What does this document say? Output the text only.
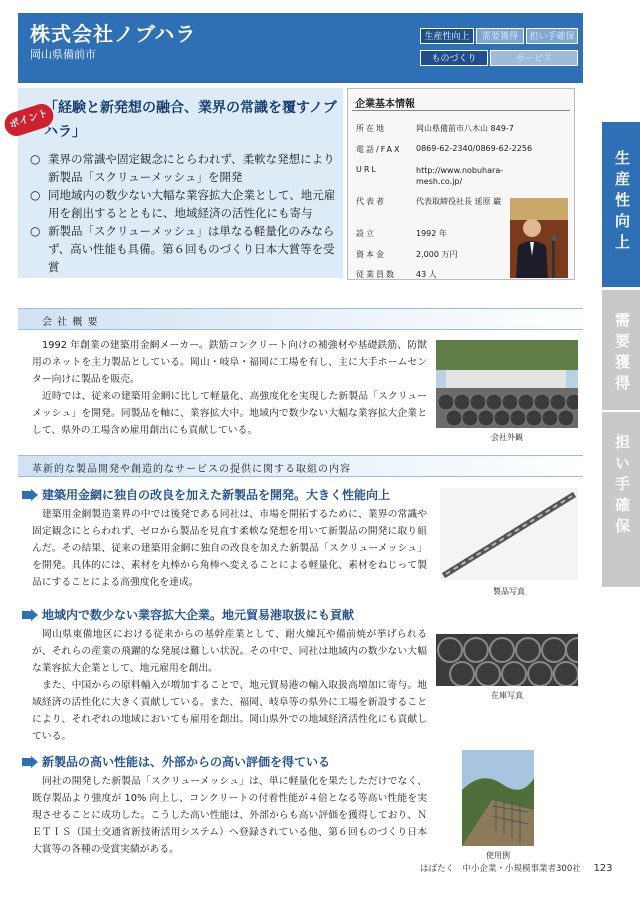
株式会社ノブハラ
岡山県備前市
生産性向上	需要獲得	担い手確保
ものづくり	サービス
ポイント
「経験と新発想の融合、業界の常識を覆すノブハラ」
○ 業界の常識や固定観念にとらわれず、柔軟な発想により新製品「スクリューメッシュ」を開発
○ 同地域内の数少ない大幅な業容拡大企業として、地元雇用を創出するとともに、地域経済の活性化にも寄与
○ 新製品「スクリューメッシュ」は単なる軽量化のみならず、高い性能も具備。第６回ものづくり日本大賞等を受賞
企業基本情報
所在地	岡山県備前市八木山 849-7
電話/FAX 0869-62-2340/0869-62-2256
URL	http://www.nobuhara-mesh.co.jp/
代表者	代表取締役社長 延原 巌
設立	1992 年
資本金	2,000 万円
従業員数	43 人
生産性向上
需要獲得
担い手確保
会 社 概 要
1992 年創業の建築用金網メーカー。鉄筋コンクリート向けの補強材や基礎鉄筋、防獣用のネットを主力製品としている。岡山・岐阜・福岡に工場を有し、主に大手ホームセンター向けに製品を販売。
近時では、従来の建築用金網に比して軽量化、高強度化を実現した新製品「スクリューメッシュ」を開発。同製品を軸に、業容拡大中。地域内で数少ない大幅な業容拡大企業として、県外の工場含め雇用創出にも貢献している。
会社外観
革新的な製品開発や創造的なサービスの提供に関する取組の内容
建築用金網に独自の改良を加えた新製品を開発。大きく性能向上
建築用金網製造業界の中では後発である同社は、市場を開拓するために、業界の常識や固定観念にとらわれず、ゼロから製品を見直す柔軟な発想を用いて新製品の開発に取り組んだ。その結果、従来の建築用金網に独自の改良を加えた新製品「スクリューメッシュ」を開発。具体的には、素材を丸棒から角棒へ変えることによる軽量化、素材をねじって製品にすることによる高強度化を達成。
製品写真
地域内で数少ない業容拡大企業。地元貿易港取扱にも貢献
岡山県東備地区における従来からの基幹産業として、耐火煉瓦や備前焼が挙げられるが、それらの産業の飛躍的な発展は難しい状況。その中で、同社は地域内の数少ない大幅な業容拡大企業として、地元雇用を創出。
また、中国からの原料輸入が増加することで、地元貿易港の輸入取扱高増加に寄与。地域経済の活性化に大きく貢献している。また、福岡、岐阜等の県外に工場を新設することにより、それぞれの地域においても雇用を創出。岡山県外での地域経済活性化にも貢献している。
在庫写真
新製品の高い性能は、外部からの高い評価を得ている
同社の開発した新製品「スクリューメッシュ」は、単に軽量化を果たしただけでなく、既存製品より強度が 10% 向上し、コンクリートの付着性能が４倍となる等高い性能を実現させることに成功した。こうした高い性能は、外部からも高い評価を獲得しており、ＮＥＴＩＳ（国土交通省新技術活用システム）へ登録されている他、第６回ものづくり日本大賞等の各種の受賞実績がある。
使用例
はばたく　中小企業・小規模事業者300社 123
